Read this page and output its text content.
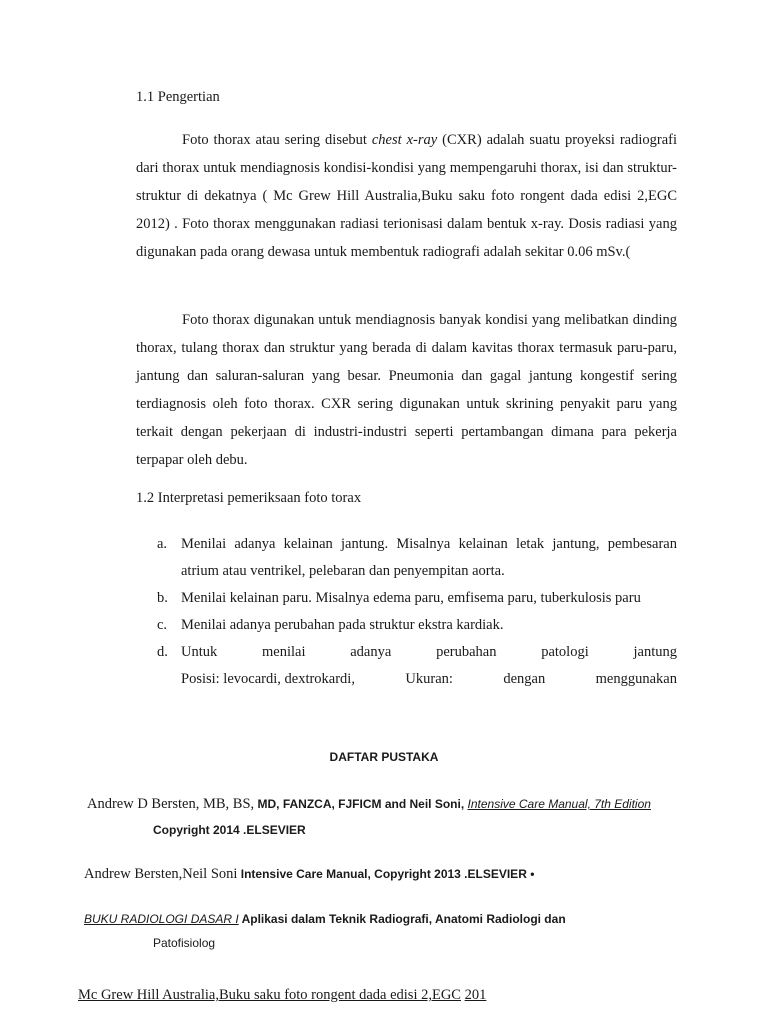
1.1 Pengertian

Foto thorax atau sering disebut chest x-ray (CXR) adalah suatu proyeksi radiografi dari thorax untuk mendiagnosis kondisi-kondisi yang mempengaruhi thorax, isi dan struktur-struktur di dekatnya ( Mc Grew Hill Australia,Buku saku foto rongent dada edisi 2,EGC 2012) . Foto thorax menggunakan radiasi terionisasi dalam bentuk x-ray. Dosis radiasi yang digunakan pada orang dewasa untuk membentuk radiografi adalah sekitar 0.06 mSv.(

Foto thorax digunakan untuk mendiagnosis banyak kondisi yang melibatkan dinding thorax, tulang thorax dan struktur yang berada di dalam kavitas thorax termasuk paru-paru, jantung dan saluran-saluran yang besar. Pneumonia dan gagal jantung kongestif sering terdiagnosis oleh foto thorax. CXR sering digunakan untuk skrining penyakit paru yang terkait dengan pekerjaan di industri-industri seperti pertambangan dimana para pekerja terpapar oleh debu.

1.2 Interpretasi pemeriksaan foto torax
a. Menilai adanya kelainan jantung. Misalnya kelainan letak jantung, pembesaran atrium atau ventrikel, pelebaran dan penyempitan aorta.
b. Menilai kelainan paru. Misalnya edema paru, emfisema paru, tuberkulosis paru
c. Menilai adanya perubahan pada struktur ekstra kardiak.
d. Untuk	menilai	adanya	perubahan	patologi	jantung
Posisi: levocardi, dextrokardi,	Ukuran:	dengan	menggunakan
DAFTAR PUSTAKA
Andrew D Bersten, MB, BS, MD, FANZCA, FJFICM and Neil Soni, Intensive Care Manual, 7th Edition
Copyright 2014 .ELSEVIER
Andrew Bersten,Neil Soni Intensive Care Manual, Copyright 2013 .ELSEVIER •
BUKU RADIOLOGI DASAR I Aplikasi dalam Teknik Radiografi, Anatomi Radiologi dan
Patofisiolog
Mc Grew Hill Australia,Buku saku foto rongent dada edisi 2,EGC 201
